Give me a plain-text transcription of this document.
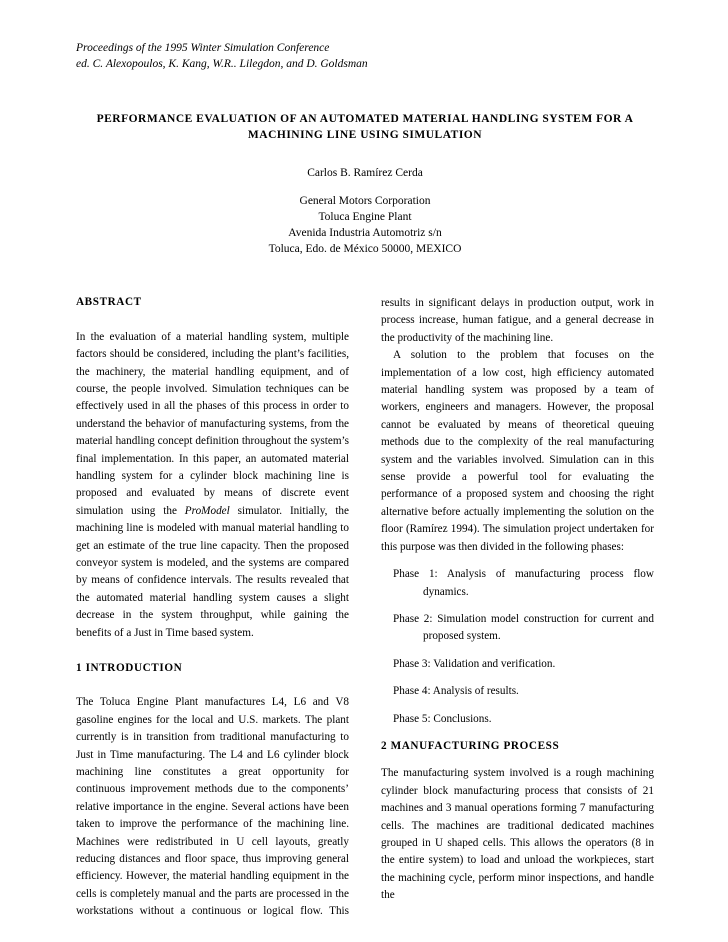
Proceedings of the 1995 Winter Simulation Conference
ed. C. Alexopoulos, K. Kang, W.R.. Lilegdon, and D. Goldsman
PERFORMANCE EVALUATION OF AN AUTOMATED MATERIAL HANDLING SYSTEM FOR A
MACHINING LINE USING SIMULATION
Carlos B. Ramírez Cerda
General Motors Corporation
Toluca Engine Plant
Avenida Industria Automotriz s/n
Toluca, Edo. de México 50000, MEXICO

ABSTRACT

In the evaluation of a material handling system, multiple factors should be considered, including the plant’s facilities, the machinery, the material handling equipment, and of course, the people involved. Simulation techniques can be effectively used in all the phases of this process in order to understand the behavior of manufacturing systems, from the material handling concept definition throughout the system’s final implementation. In this paper, an automated material handling system for a cylinder block machining line is proposed and evaluated by means of discrete event simulation using the ProModel simulator. Initially, the machining line is modeled with manual material handling to get an estimate of the true line capacity. Then the proposed conveyor system is modeled, and the systems are compared by means of confidence intervals. The results revealed that the automated material handling system causes a slight decrease in the system throughput, while gaining the benefits of a Just in Time based system.

1 INTRODUCTION

The Toluca Engine Plant manufactures L4, L6 and V8 gasoline engines for the local and U.S. markets. The plant currently is in transition from traditional manufacturing to Just in Time manufacturing. The L4 and L6 cylinder block machining line constitutes a great opportunity for continuous improvement methods due to the components’ relative importance in the engine. Several actions have been taken to improve the performance of the machining line. Machines were redistributed in U cell layouts, greatly reducing distances and floor space, thus improving general efficiency. However, the material handling equipment in the cells is completely manual and the parts are processed in the workstations without a continuous or logical flow. This

results in significant delays in production output, work in process increase, human fatigue, and a general decrease in the productivity of the machining line.

A solution to the problem that focuses on the implementation of a low cost, high efficiency automated material handling system was proposed by a team of workers, engineers and managers. However, the proposal cannot be evaluated by means of theoretical queuing methods due to the complexity of the real manufacturing system and the variables involved. Simulation can in this sense provide a powerful tool for evaluating the performance of a proposed system and choosing the right alternative before actually implementing the solution on the floor (Ramírez 1994). The simulation project undertaken for this purpose was then divided in the following phases:

Phase 1: Analysis of manufacturing process flow dynamics.

Phase 2: Simulation model construction for current and proposed system.

Phase 3: Validation and verification.

Phase 4: Analysis of results.

Phase 5: Conclusions.

2 MANUFACTURING PROCESS

The manufacturing system involved is a rough machining cylinder block manufacturing process that consists of 21 machines and 3 manual operations forming 7 manufacturing cells. The machines are traditional dedicated machines grouped in U shaped cells. This allows the operators (8 in the entire system) to load and unload the workpieces, start the machining cycle, perform minor inspections, and handle the
